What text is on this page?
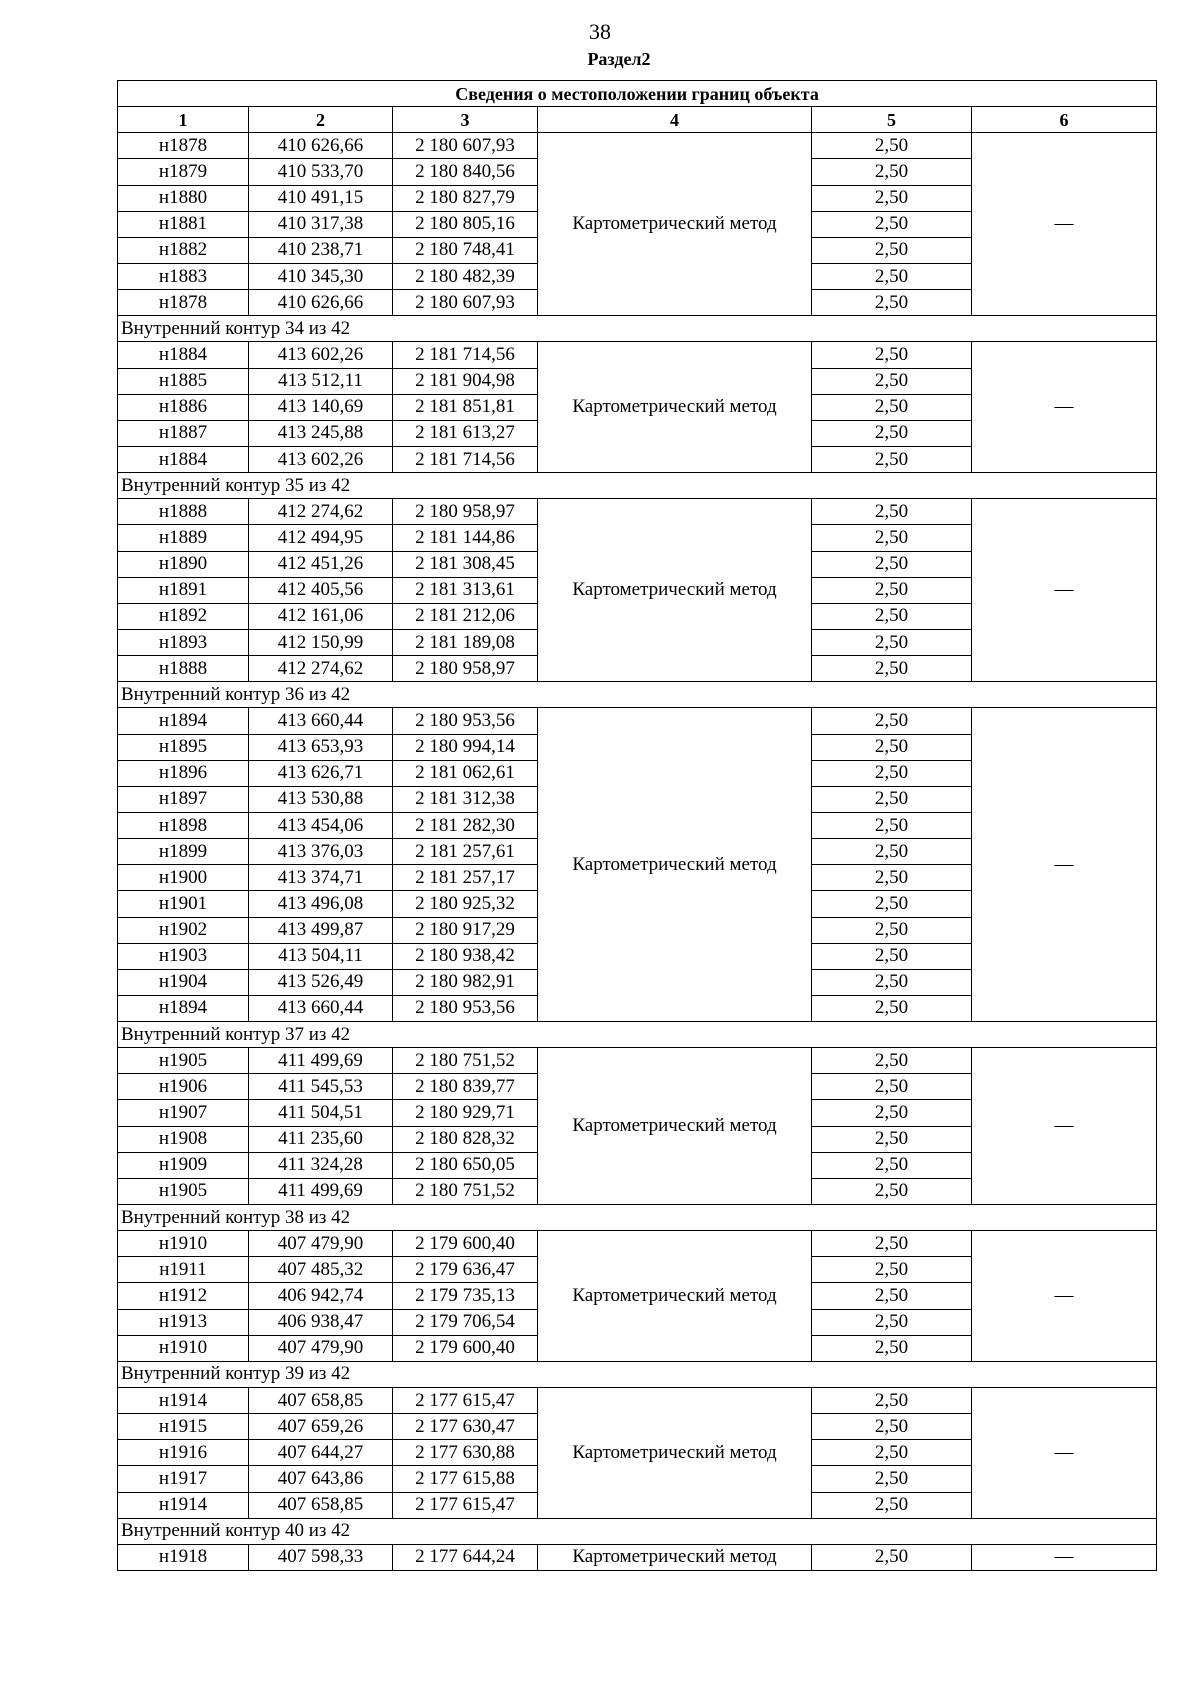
38
Раздел2
Сведения о местоположении границ объекта					
1	2	3	4	5	6
н1878	410 626,66	2 180 607,93	Картометрический метод	2,50	—
н1879	410 533,70	2 180 840,56		2,50	
н1880	410 491,15	2 180 827,79		2,50	
н1881	410 317,38	2 180 805,16		2,50	
н1882	410 238,71	2 180 748,41		2,50	
н1883	410 345,30	2 180 482,39		2,50	
н1878	410 626,66	2 180 607,93		2,50	
Внутренний контур 34 из 42					
н1884	413 602,26	2 181 714,56	Картометрический метод	2,50	—
н1885	413 512,11	2 181 904,98		2,50	
н1886	413 140,69	2 181 851,81		2,50	
н1887	413 245,88	2 181 613,27		2,50	
н1884	413 602,26	2 181 714,56		2,50	
Внутренний контур 35 из 42					
н1888	412 274,62	2 180 958,97	Картометрический метод	2,50	—
н1889	412 494,95	2 181 144,86		2,50	
н1890	412 451,26	2 181 308,45		2,50	
н1891	412 405,56	2 181 313,61		2,50	
н1892	412 161,06	2 181 212,06		2,50	
н1893	412 150,99	2 181 189,08		2,50	
н1888	412 274,62	2 180 958,97		2,50	
Внутренний контур 36 из 42					
н1894	413 660,44	2 180 953,56	Картометрический метод	2,50	—
н1895	413 653,93	2 180 994,14		2,50	
н1896	413 626,71	2 181 062,61		2,50	
н1897	413 530,88	2 181 312,38		2,50	
н1898	413 454,06	2 181 282,30		2,50	
н1899	413 376,03	2 181 257,61		2,50	
н1900	413 374,71	2 181 257,17		2,50	
н1901	413 496,08	2 180 925,32		2,50	
н1902	413 499,87	2 180 917,29		2,50	
н1903	413 504,11	2 180 938,42		2,50	
н1904	413 526,49	2 180 982,91		2,50	
н1894	413 660,44	2 180 953,56		2,50	
Внутренний контур 37 из 42					
н1905	411 499,69	2 180 751,52	Картометрический метод	2,50	—
н1906	411 545,53	2 180 839,77		2,50	
н1907	411 504,51	2 180 929,71		2,50	
н1908	411 235,60	2 180 828,32		2,50	
н1909	411 324,28	2 180 650,05		2,50	
н1905	411 499,69	2 180 751,52		2,50	
Внутренний контур 38 из 42					
н1910	407 479,90	2 179 600,40	Картометрический метод	2,50	—
н1911	407 485,32	2 179 636,47		2,50	
н1912	406 942,74	2 179 735,13		2,50	
н1913	406 938,47	2 179 706,54		2,50	
н1910	407 479,90	2 179 600,40		2,50	
Внутренний контур 39 из 42					
н1914	407 658,85	2 177 615,47	Картометрический метод	2,50	—
н1915	407 659,26	2 177 630,47		2,50	
н1916	407 644,27	2 177 630,88		2,50	
н1917	407 643,86	2 177 615,88		2,50	
н1914	407 658,85	2 177 615,47		2,50	
Внутренний контур 40 из 42					
н1918	407 598,33	2 177 644,24	Картометрический метод	2,50	—
